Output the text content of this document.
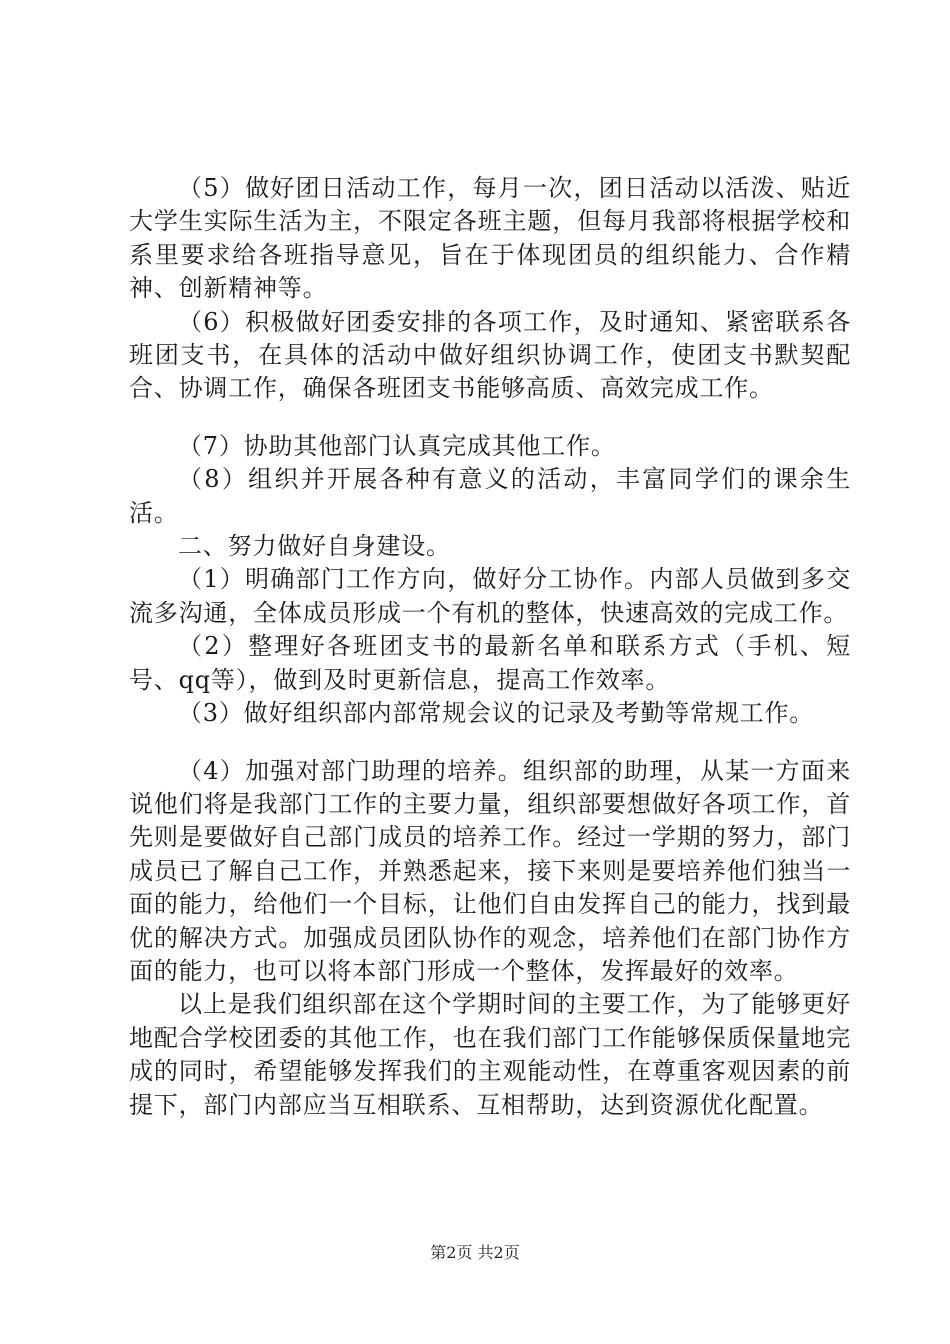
（5）做好团日活动工作，每月一次，团日活动以活泼、贴近大学生实际生活为主，不限定各班主题，但每月我部将根据学校和系里要求给各班指导意见，旨在于体现团员的组织能力、合作精神、创新精神等。

（6）积极做好团委安排的各项工作，及时通知、紧密联系各班团支书，在具体的活动中做好组织协调工作，使团支书默契配合、协调工作，确保各班团支书能够高质、高效完成工作。

（7）协助其他部门认真完成其他工作。

（8）组织并开展各种有意义的活动，丰富同学们的课余生活。

二、努力做好自身建设。

（1）明确部门工作方向，做好分工协作。内部人员做到多交流多沟通，全体成员形成一个有机的整体，快速高效的完成工作。

（2）整理好各班团支书的最新名单和联系方式（手机、短号、qq等），做到及时更新信息，提高工作效率。

（3）做好组织部内部常规会议的记录及考勤等常规工作。

（4）加强对部门助理的培养。组织部的助理，从某一方面来说他们将是我部门工作的主要力量，组织部要想做好各项工作，首先则是要做好自己部门成员的培养工作。经过一学期的努力，部门成员已了解自己工作，并熟悉起来，接下来则是要培养他们独当一面的能力，给他们一个目标，让他们自由发挥自己的能力，找到最优的解决方式。加强成员团队协作的观念，培养他们在部门协作方面的能力，也可以将本部门形成一个整体，发挥最好的效率。

以上是我们组织部在这个学期时间的主要工作，为了能够更好地配合学校团委的其他工作，也在我们部门工作能够保质保量地完成的同时，希望能够发挥我们的主观能动性，在尊重客观因素的前提下，部门内部应当互相联系、互相帮助，达到资源优化配置。

第2页 共2页
